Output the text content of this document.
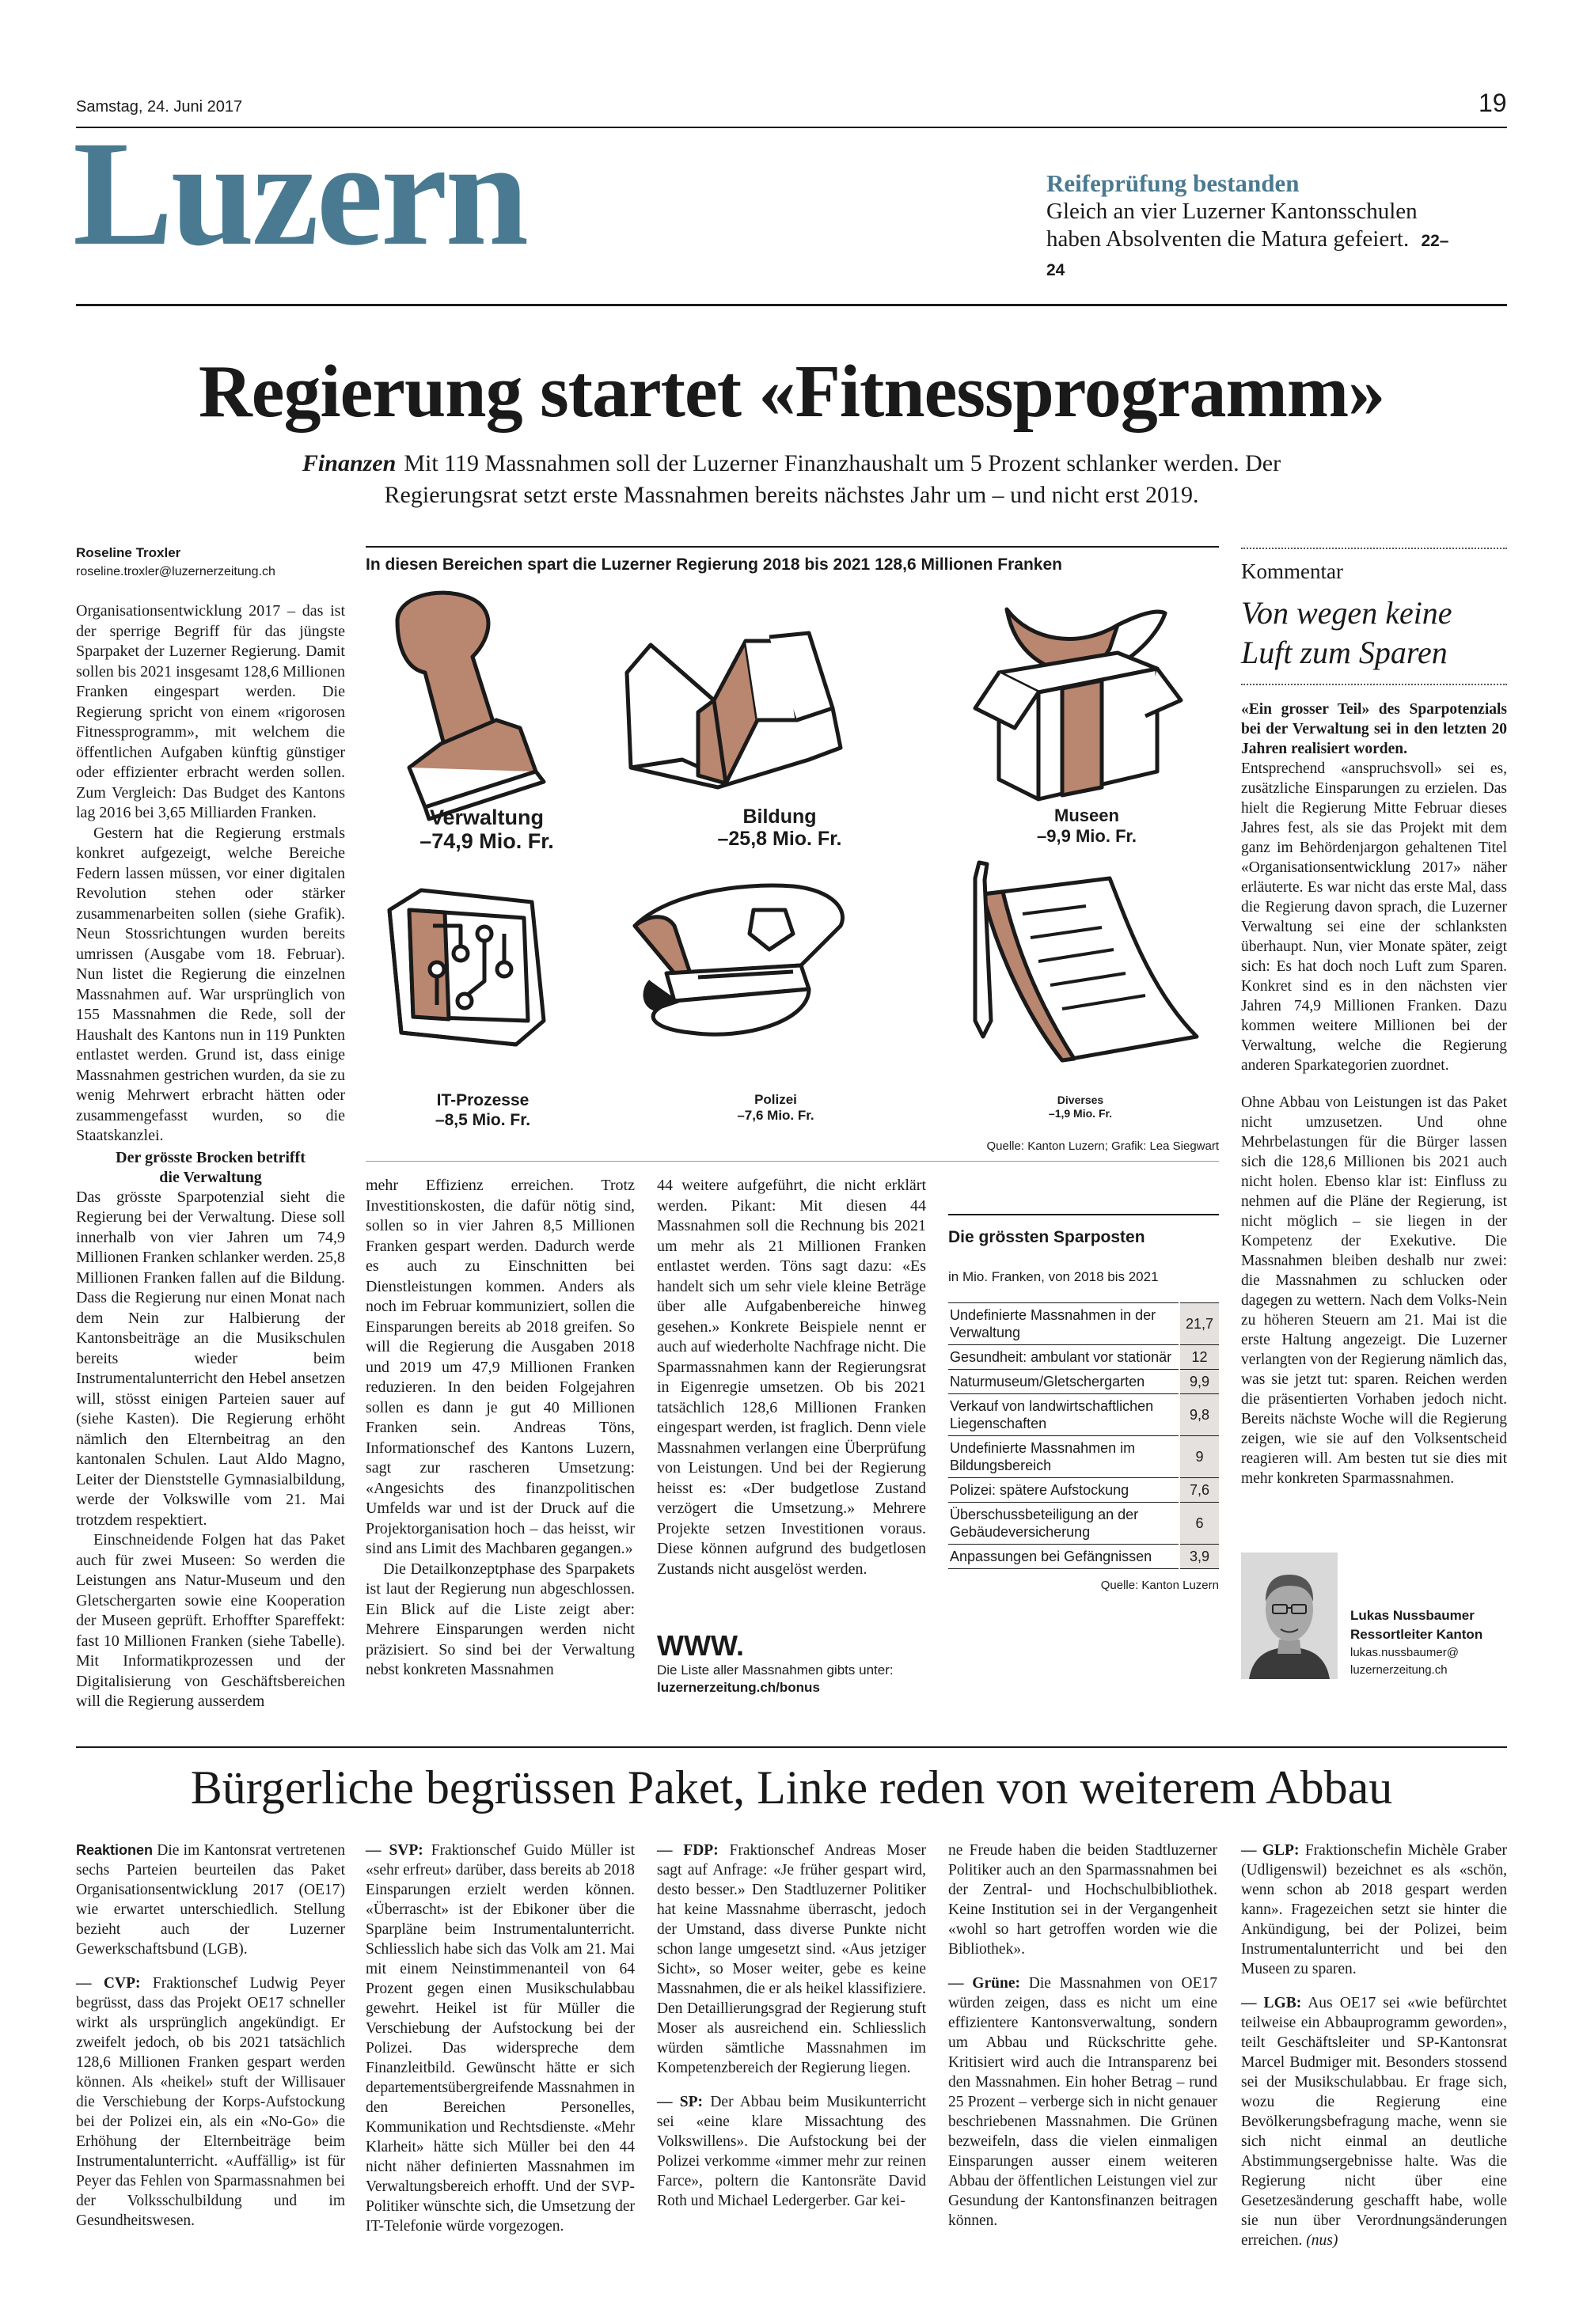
Samstag, 24. Juni 2017	19
Luzern	Reifeprüfung bestanden
Gleich an vier Luzerner Kantonsschulen haben Absolventen die Matura gefeiert. 22–24
Regierung startet «Fitnessprogramm»
Finanzen Mit 119 Massnahmen soll der Luzerner Finanzhaushalt um 5 Prozent schlanker werden. Der Regierungsrat setzt erste Massnahmen bereits nächstes Jahr um – und nicht erst 2019.
Roseline Troxler
roseline.troxler@luzernerzeitung.ch

Organisationsentwicklung 2017 – das ist der sperrige Begriff für das jüngste Sparpaket der Luzerner Regierung. Damit sollen bis 2021 insgesamt 128,6 Millionen Franken eingespart werden. Die Regierung spricht von einem «rigorosen Fitnessprogramm», mit welchem die öffentlichen Aufgaben künftig günstiger oder effizienter erbracht werden sollen. Zum Vergleich: Das Budget des Kantons lag 2016 bei 3,65 Milliarden Franken.

Gestern hat die Regierung erstmals konkret aufgezeigt, welche Bereiche Federn lassen müssen, vor einer digitalen Revolution stehen oder stärker zusammenarbeiten sollen (siehe Grafik). Neun Stossrichtungen wurden bereits umrissen (Ausgabe vom 18. Februar). Nun listet die Regierung die einzelnen Massnahmen auf. War ursprünglich von 155 Massnahmen die Rede, soll der Haushalt des Kantons nun in 119 Punkten entlastet werden. Grund ist, dass einige Massnahmen gestrichen wurden, da sie zu wenig Mehrwert erbracht hätten oder zusammengefasst wurden, so die Staatskanzlei.

Der grösste Brocken betrifft die Verwaltung

Das grösste Sparpotenzial sieht die Regierung bei der Verwaltung. Diese soll innerhalb von vier Jahren um 74,9 Millionen Franken schlanker werden. 25,8 Millionen Franken fallen auf die Bildung. Dass die Regierung nur einen Monat nach dem Nein zur Halbierung der Kantonsbeiträge an die Musikschulen bereits wieder beim Instrumentalunterricht den Hebel ansetzen will, stösst einigen Parteien sauer auf (siehe Kasten). Die Regierung erhöht nämlich den Elternbeitrag an den kantonalen Schulen. Laut Aldo Magno, Leiter der Dienststelle Gymnasialbildung, werde der Volkswille vom 21. Mai trotzdem respektiert.

Einschneidende Folgen hat das Paket auch für zwei Museen: So werden die Leistungen ans Natur-Museum und den Gletschergarten sowie eine Kooperation der Museen geprüft. Erhoffter Spareffekt: fast 10 Millionen Franken (siehe Tabelle). Mit Informatikprozessen und der Digitalisierung von Geschäftsbereichen will die Regierung ausserdem

In diesen Bereichen spart die Luzerner Regierung 2018 bis 2021 128,6 Millionen Franken
Verwaltung
–74,9 Mio. Fr.
Bildung
–25,8 Mio. Fr.
Museen
–9,9 Mio. Fr.
IT-Prozesse
–8,5 Mio. Fr.
Polizei
–7,6 Mio. Fr.
Diverses
–1,9 Mio. Fr.
Quelle: Kanton Luzern; Grafik: Lea Siegwart

mehr Effizienz erreichen. Trotz Investitionskosten, die dafür nötig sind, sollen so in vier Jahren 8,5 Millionen Franken gespart werden. Dadurch werde es auch zu Einschnitten bei Dienstleistungen kommen. Anders als noch im Februar kommuniziert, sollen die Einsparungen bereits ab 2018 greifen. So will die Regierung die Ausgaben 2018 und 2019 um 47,9 Millionen Franken reduzieren. In den beiden Folgejahren sollen es dann je gut 40 Millionen Franken sein. Andreas Töns, Informationschef des Kantons Luzern, sagt zur rascheren Umsetzung: «Angesichts des finanzpolitischen Umfelds war und ist der Druck auf die Projektorganisation hoch – das heisst, wir sind ans Limit des Machbaren gegangen.»

Die Detailkonzeptphase des Sparpakets ist laut der Regierung nun abgeschlossen. Ein Blick auf die Liste zeigt aber: Mehrere Einsparungen werden nicht präzisiert. So sind bei der Verwaltung nebst konkreten Massnahmen

44 weitere aufgeführt, die nicht erklärt werden. Pikant: Mit diesen 44 Massnahmen soll die Rechnung bis 2021 um mehr als 21 Millionen Franken entlastet werden. Töns sagt dazu: «Es handelt sich um sehr viele kleine Beträge über alle Aufgabenbereiche hinweg gesehen.» Konkrete Beispiele nennt er auch auf wiederholte Nachfrage nicht. Die Sparmassnahmen kann der Regierungsrat in Eigenregie umsetzen. Ob bis 2021 tatsächlich 128,6 Millionen Franken eingespart werden, ist fraglich. Denn viele Massnahmen verlangen eine Überprüfung von Leistungen. Und bei der Regierung heisst es: «Der budgetlose Zustand verzögert die Umsetzung.» Mehrere Projekte setzen Investitionen voraus. Diese können aufgrund des budgetlosen Zustands nicht ausgelöst werden.

WWW.
Die Liste aller Massnahmen gibts unter:
luzernerzeitung.ch/bonus
Die grössten Sparposten
in Mio. Franken, von 2018 bis 2021
Undefinierte Massnahmen in der Verwaltung	21,7
Gesundheit: ambulant vor stationär	12
Naturmuseum/Gletschergarten	9,9
Verkauf von landwirtschaftlichen Liegenschaften	9,8
Undefinierte Massnahmen im Bildungsbereich	9
Polizei: spätere Aufstockung	7,6
Überschussbeteiligung an der Gebäudeversicherung	6
Anpassungen bei Gefängnissen	3,9
Quelle: Kanton Luzern
Kommentar
Von wegen keine Luft zum Sparen

«Ein grosser Teil» des Sparpotenzials bei der Verwaltung sei in den letzten 20 Jahren realisiert worden.

Entsprechend «anspruchsvoll» sei es, zusätzliche Einsparungen zu erzielen. Das hielt die Regierung Mitte Februar dieses Jahres fest, als sie das Projekt mit dem ganz im Behördenjargon gehaltenen Titel «Organisationsentwicklung 2017» näher erläuterte. Es war nicht das erste Mal, dass die Regierung davon sprach, die Luzerner Verwaltung sei eine der schlanksten überhaupt. Nun, vier Monate später, zeigt sich: Es hat doch noch Luft zum Sparen. Konkret sind es in den nächsten vier Jahren 74,9 Millionen Franken. Dazu kommen weitere Millionen bei der Verwaltung, welche die Regierung anderen Sparkategorien zuordnet.

Ohne Abbau von Leistungen ist das Paket nicht umzusetzen. Und ohne Mehrbelastungen für die Bürger lassen sich die 128,6 Millionen bis 2021 auch nicht holen. Ebenso klar ist: Einfluss zu nehmen auf die Pläne der Regierung, ist nicht möglich – sie liegen in der Kompetenz der Exekutive. Die Massnahmen bleiben deshalb nur zwei: die Massnahmen zu schlucken oder dagegen zu wettern. Nach dem Volks-Nein zu höheren Steuern am 21. Mai ist die erste Haltung angezeigt. Die Luzerner verlangten von der Regierung nämlich das, was sie jetzt tut: sparen. Reichen werden die präsentierten Vorhaben jedoch nicht. Bereits nächste Woche will die Regierung zeigen, wie sie auf den Volksentscheid reagieren will. Am besten tut sie dies mit mehr konkreten Sparmassnahmen.

Lukas Nussbaumer
Ressortleiter Kanton
lukas.nussbaumer@
luzernerzeitung.ch
Bürgerliche begrüssen Paket, Linke reden von weiterem Abbau

Reaktionen Die im Kantonsrat vertretenen sechs Parteien beurteilen das Paket Organisationsentwicklung 2017 (OE17) wie erwartet unterschiedlich. Stellung bezieht auch der Luzerner Gewerkschaftsbund (LGB).

— CVP: Fraktionschef Ludwig Peyer begrüsst, dass das Projekt OE17 schneller wirkt als ursprünglich angekündigt. Er zweifelt jedoch, ob bis 2021 tatsächlich 128,6 Millionen Franken gespart werden können. Als «heikel» stuft der Willisauer die Verschiebung der Korps-Aufstockung bei der Polizei ein, als ein «No-Go» die Erhöhung der Elternbeiträge beim Instrumentalunterricht. «Auffällig» ist für Peyer das Fehlen von Sparmassnahmen bei der Volksschulbildung und im Gesundheitswesen.

— SVP: Fraktionschef Guido Müller ist «sehr erfreut» darüber, dass bereits ab 2018 Einsparungen erzielt werden können. «Überrascht» ist der Ebikoner über die Sparpläne beim Instrumentalunterricht. Schliesslich habe sich das Volk am 21. Mai mit einem Neinstimmenanteil von 64 Prozent gegen einen Musikschulabbau gewehrt. Heikel ist für Müller die Verschiebung der Aufstockung bei der Polizei. Das widerspreche dem Finanzleitbild. Gewünscht hätte er sich departementsübergreifende Massnahmen in den Bereichen Personelles, Kommunikation und Rechtsdienste. «Mehr Klarheit» hätte sich Müller bei den 44 nicht näher definierten Massnahmen im Verwaltungsbereich erhofft. Und der SVP-Politiker wünschte sich, die Umsetzung der IT-Telefonie würde vorgezogen.

— FDP: Fraktionschef Andreas Moser sagt auf Anfrage: «Je früher gespart wird, desto besser.» Den Stadtluzerner Politiker hat keine Massnahme überrascht, jedoch der Umstand, dass diverse Punkte nicht schon lange umgesetzt sind. «Aus jetziger Sicht», so Moser weiter, gebe es keine Massnahmen, die er als heikel klassifiziere. Den Detaillierungsgrad der Regierung stuft Moser als ausreichend ein. Schliesslich würden sämtliche Massnahmen im Kompetenzbereich der Regierung liegen.

— SP: Der Abbau beim Musikunterricht sei «eine klare Missachtung des Volkswillens». Die Aufstockung bei der Polizei verkomme «immer mehr zur reinen Farce», poltern die Kantonsräte David Roth und Michael Ledergerber. Gar kei-

ne Freude haben die beiden Stadtluzerner Politiker auch an den Sparmassnahmen bei der Zentral- und Hochschulbibliothek. Keine Institution sei in der Vergangenheit «wohl so hart getroffen worden wie die Bibliothek».

— Grüne: Die Massnahmen von OE17 würden zeigen, dass es nicht um eine effizientere Kantonsverwaltung, sondern um Abbau und Rückschritte gehe. Kritisiert wird auch die Intransparenz bei den Massnahmen. Ein hoher Betrag – rund 25 Prozent – verberge sich in nicht genauer beschriebenen Massnahmen. Die Grünen bezweifeln, dass die vielen einmaligen Einsparungen ausser einem weiteren Abbau der öffentlichen Leistungen viel zur Gesundung der Kantonsfinanzen beitragen können.

— GLP: Fraktionschefin Michèle Graber (Udligenswil) bezeichnet es als «schön, wenn schon ab 2018 gespart werden kann». Fragezeichen setzt sie hinter die Ankündigung, bei der Polizei, beim Instrumentalunterricht und bei den Museen zu sparen.

— LGB: Aus OE17 sei «wie befürchtet teilweise ein Abbauprogramm geworden», teilt Geschäftsleiter und SP-Kantonsrat Marcel Budmiger mit. Besonders stossend sei der Musikschulabbau. Er frage sich, wozu die Regierung eine Bevölkerungsbefragung mache, wenn sie sich nicht einmal an deutliche Abstimmungsergebnisse halte. Was die Regierung nicht über eine Gesetzesänderung geschafft habe, wolle sie nun über Verordnungsänderungen erreichen. (nus)
